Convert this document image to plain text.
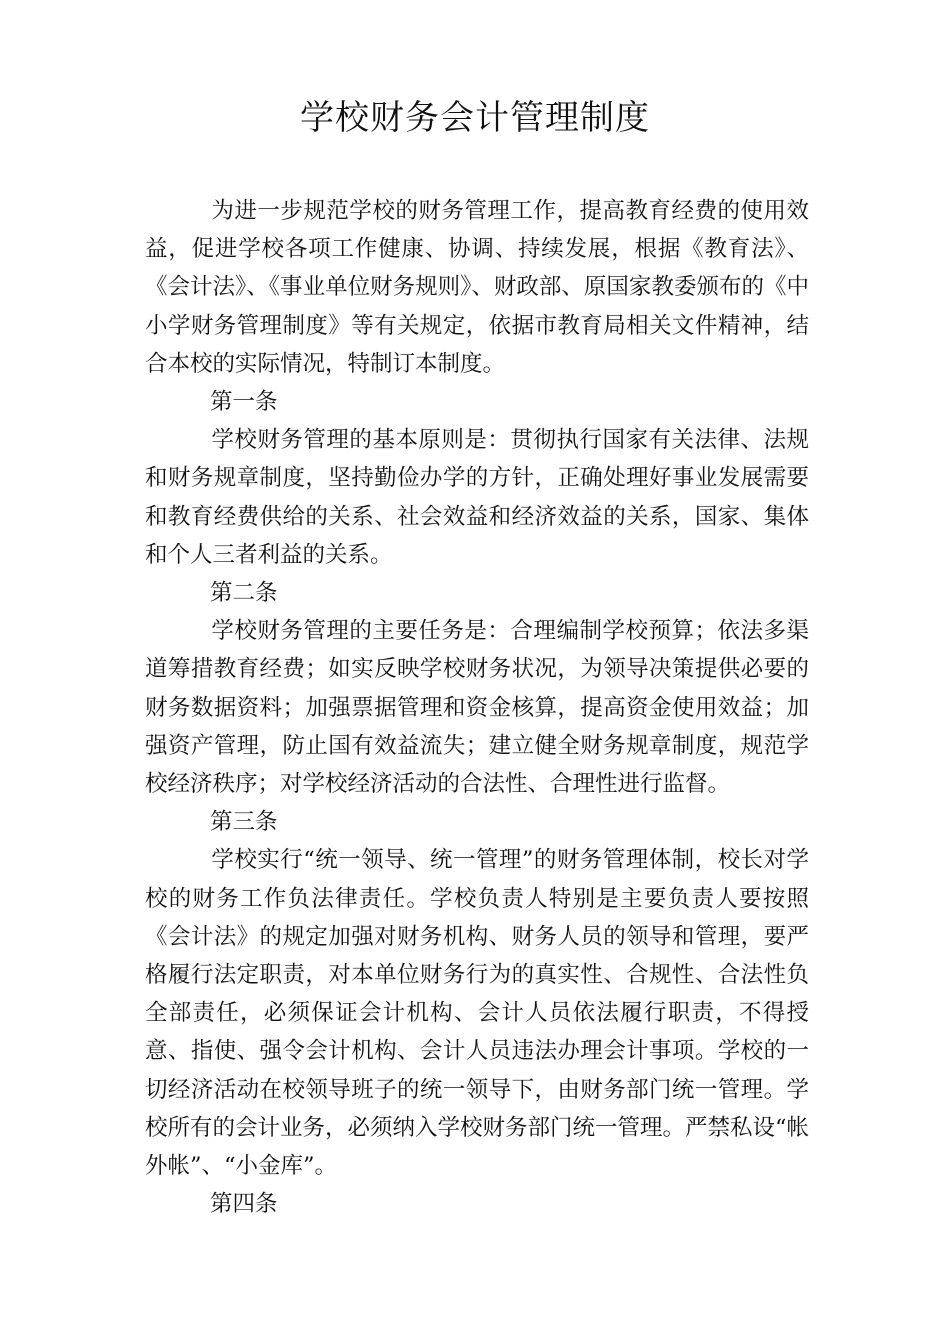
学校财务会计管理制度

为进一步规范学校的财务管理工作，提高教育经费的使用效益，促进学校各项工作健康、协调、持续发展，根据《教育法》、《会计法》、《事业单位财务规则》、财政部、原国家教委颁布的《中小学财务管理制度》等有关规定，依据市教育局相关文件精神，结合本校的实际情况，特制订本制度。

第一条

学校财务管理的基本原则是：贯彻执行国家有关法律、法规和财务规章制度，坚持勤俭办学的方针，正确处理好事业发展需要和教育经费供给的关系、社会效益和经济效益的关系，国家、集体和个人三者利益的关系。

第二条

学校财务管理的主要任务是：合理编制学校预算；依法多渠道筹措教育经费；如实反映学校财务状况，为领导决策提供必要的财务数据资料；加强票据管理和资金核算，提高资金使用效益；加强资产管理，防止国有效益流失；建立健全财务规章制度，规范学校经济秩序；对学校经济活动的合法性、合理性进行监督。

第三条

学校实行“统一领导、统一管理”的财务管理体制，校长对学校的财务工作负法律责任。学校负责人特别是主要负责人要按照《会计法》的规定加强对财务机构、财务人员的领导和管理，要严格履行法定职责，对本单位财务行为的真实性、合规性、合法性负全部责任，必须保证会计机构、会计人员依法履行职责，不得授意、指使、强令会计机构、会计人员违法办理会计事项。学校的一切经济活动在校领导班子的统一领导下，由财务部门统一管理。学校所有的会计业务，必须纳入学校财务部门统一管理。严禁私设“帐外帐”、“小金库”。

第四条
